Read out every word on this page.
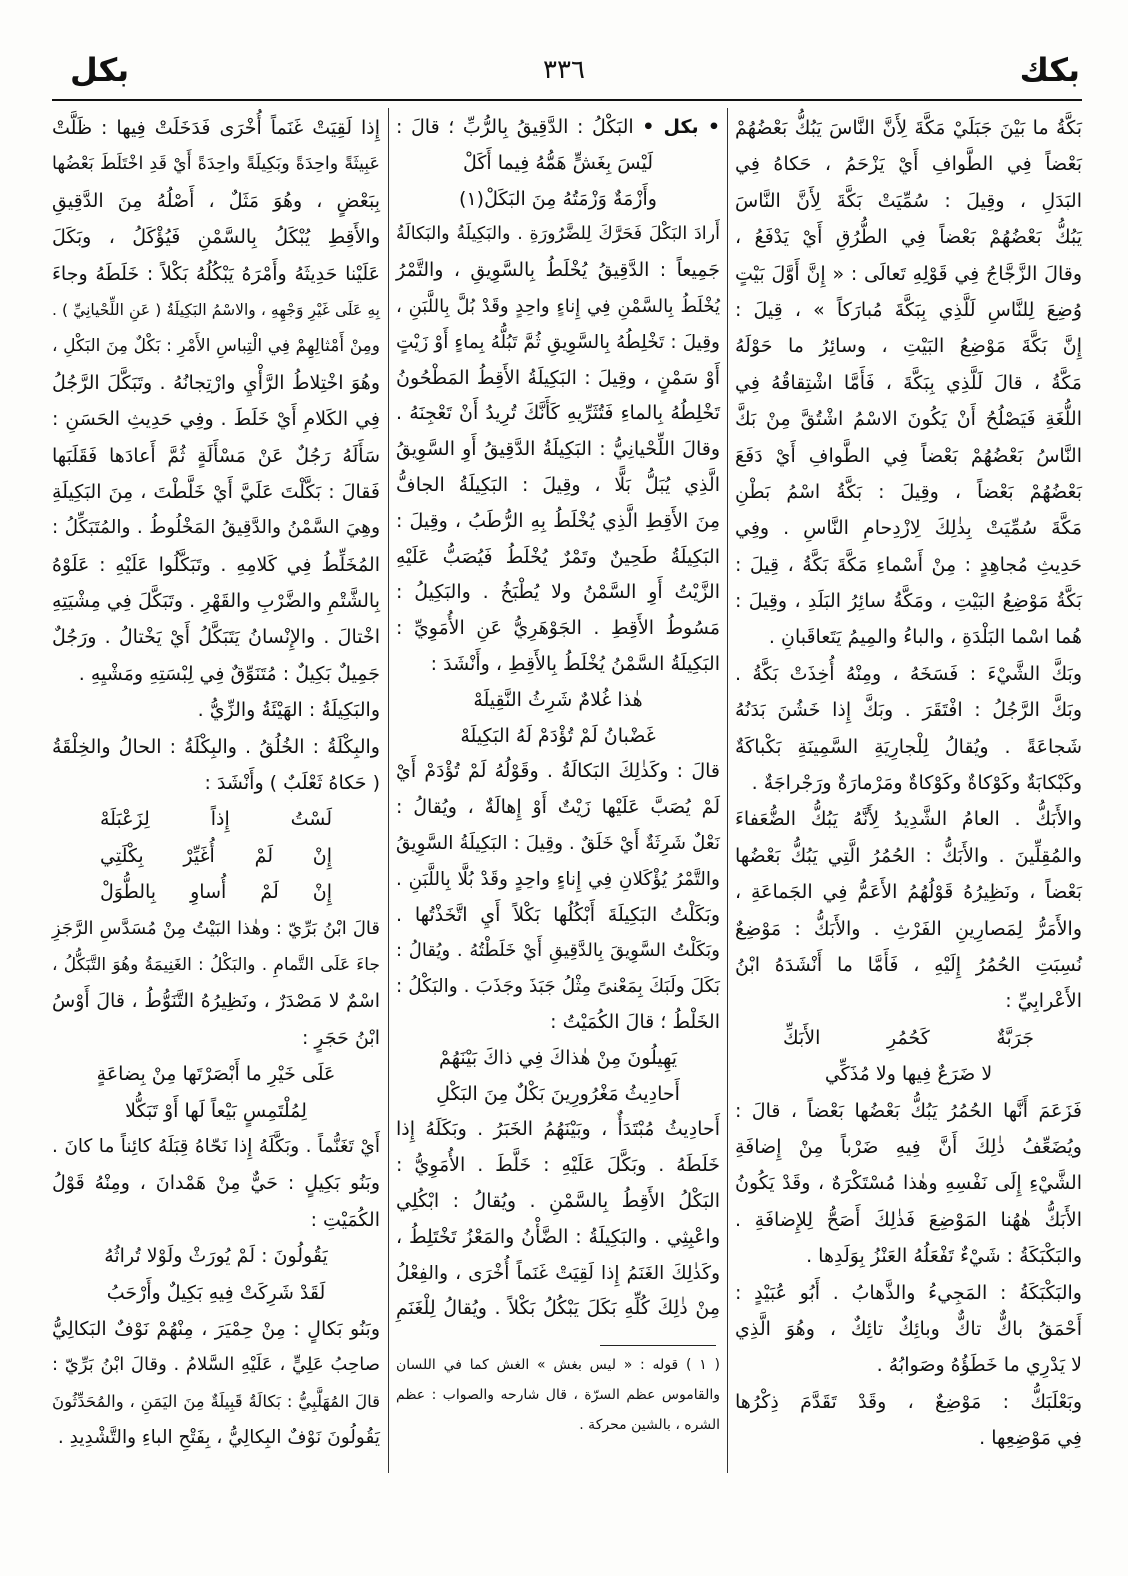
بكك
٣٣٦
بكل
بَكَّةُ ما بَيْنَ جَبَلَيْ مَكَّةَ لِأَنَّ النَّاسَ يَبُكُّ بَعْضُهُمْ
بَعْضاً فِي الطَّوافِ أَيْ يَزْحَمُ ، حَكاهُ فِي
البَدَلِ ، وقِيلَ : سُمِّيَتْ بَكَّةَ لِأَنَّ النَّاسَ
يَبُكُّ بَعْضُهُمْ بَعْضاً فِي الطُّرُقِ أَيْ يَدْفَعُ ،
وقالَ الزَّجَّاجُ فِي قَوْلِهِ تَعالَى : « إِنَّ أَوَّلَ بَيْتٍ
وُضِعَ لِلنَّاسِ لَلَّذِي بِبَكَّةَ مُبارَكاً » ، قِيلَ :
إِنَّ بَكَّةَ مَوْضِعُ البَيْتِ ، وسائِرُ ما حَوْلَهُ
مَكَّةُ ، قالَ لَلَّذِي بِبَكَّةَ ، فَأَمَّا اشْتِقاقُهُ فِي
اللُّغَةِ فَيَصْلُحُ أَنْ يَكُونَ الاسْمُ اشْتُقَّ مِنْ بَكَّ
النَّاسُ بَعْضُهُمْ بَعْضاً فِي الطَّوافِ أَيْ دَفَعَ
بَعْضُهُمْ بَعْضاً ، وقِيلَ : بَكَّةُ اسْمُ بَطْنِ
مَكَّةَ سُمِّيَتْ بِذٰلِكَ لِازْدِحامِ النَّاسِ . وفِي
حَدِيثِ مُجاهِدٍ : مِنْ أَسْماءِ مَكَّةَ بَكَّةُ ، قِيلَ :
بَكَّةُ مَوْضِعُ البَيْتِ ، ومَكَّةُ سائِرُ البَلَدِ ، وقِيلَ :
هُما اسْما البَلْدَةِ ، والباءُ والمِيمُ يَتَعاقَبانِ .
وبَكَّ الشَّيْءَ : فَسَخَهُ ، ومِنْهُ أُخِذَتْ بَكَّةُ .
وبَكَّ الرَّجُلُ : افْتَقَرَ . وبَكَّ إِذا خَشُنَ بَدَنُهُ
شَجاعَةً . ويُقالُ لِلْجارِيَةِ السَّمِينَةِ بَكْباكَةٌ
وكَبْكابَةٌ وكَوْكاةٌ وكَوْكاةٌ ومَرْمارَةٌ ورَجْراجَةٌ .
والأَبَكُّ . العامُ الشَّدِيدُ لِأَنَّهُ يَبُكُّ الضُّعَفاءَ
والمُقِلِّينَ . والأَبَكُّ : الحُمُرُ الَّتِي يَبُكُّ بَعْضُها
بَعْضاً ، ونَظِيرُهُ قَوْلُهُمُ الأَعَمُّ فِي الجَماعَةِ ،
والأَمَرُّ لِمَصارِينِ الفَرْثِ . والأَبَكُّ : مَوْضِعٌ
نُسِبَتِ الحُمُرُ إِلَيْهِ ، فَأَمَّا ما أَنْشَدَهُ ابْنُ
الأَعْرابِيِّ :
جَرَبَّةٌ كَحُمُرِ الأَبَكِّ
لا ضَرَعٌ فِيها ولا مُذَكِّي
فَزَعَمَ أَنَّها الحُمُرُ يَبُكُّ بَعْضُها بَعْضاً ، قالَ :
ويُضَعِّفُ ذٰلِكَ أَنَّ فِيهِ ضَرْباً مِنْ إِضافَةِ
الشَّيْءِ إِلَى نَفْسِهِ وهٰذا مُسْتَكْرَهٌ ، وقَدْ يَكُونُ
الأَبَكُّ هٰهُنا المَوْضِعَ فَذٰلِكَ أَصَحُّ لِلإِضافَةِ .
والبَكْبَكَةُ : شَيْءٌ تَفْعَلُهُ العَنْزُ بِوَلَدِها .
والبَكْبَكَةُ : المَجِيءُ والذَّهابُ . أَبُو عُبَيْدٍ :
أَحْمَقُ باكٌّ تاكٌّ وبائِكٌ تائِكٌ ، وهُوَ الَّذِي
لا يَدْرِي ما خَطَؤُهُ وصَوابُهُ .
وبَعْلَبَكُّ : مَوْضِعٌ ، وقَدْ تَقَدَّمَ ذِكْرُها
فِي مَوْضِعِها .
• بكل • البَكْلُ : الدَّقِيقُ بِالرُّبِّ ؛ قالَ :
لَيْسَ بِغَشٍّ هَمُّهُ فِيما أَكَلْ
وأَزْمَةٌ وَزْمَتُهُ مِنَ البَكَلْ(١)
أَرادَ البَكْلَ فَحَرَّكَ لِلضَّرُورَةِ . والبَكِيلَةُ والبَكالَةُ
جَمِيعاً : الدَّقِيقُ يُخْلَطُ بِالسَّوِيقِ ، والتَّمْرُ
يُخْلَطُ بِالسَّمْنِ فِي إِناءٍ واحِدٍ وقَدْ بُلَّ بِاللَّبَنِ ،
وقِيلَ : تَخْلِطُهُ بِالسَّوِيقِ ثُمَّ تَبُلُّهُ بِماءٍ أَوْ زَيْتٍ
أَوْ سَمْنٍ ، وقِيلَ : البَكِيلَةُ الأَقِطُ المَطْحُونُ
تَخْلِطُهُ بِالماءِ فَتُثَرِّيهِ كَأَنَّكَ تُرِيدُ أَنْ تَعْجِنَهُ .
وقالَ اللِّحْيانِيُّ : البَكِيلَةُ الدَّقِيقُ أَوِ السَّوِيقُ
الَّذِي يُبَلُّ بَلًّا ، وقِيلَ : البَكِيلَةُ الجافُّ
مِنَ الأَقِطِ الَّذِي يُخْلَطُ بِهِ الرُّطَبُ ، وقِيلَ :
البَكِيلَةُ طَحِينٌ وتَمْرٌ يُخْلَطُ فَيُصَبُّ عَلَيْهِ
الزَّيْتُ أَوِ السَّمْنُ ولا يُطْبَخُ . والبَكِيلُ :
مَسُوطُ الأَقِطِ . الجَوْهَرِيُّ عَنِ الأُمَوِيِّ :
البَكِيلَةُ السَّمْنُ يُخْلَطُ بِالأَقِطِ ، وأَنْشَدَ :
هٰذا غُلامٌ شَرِثُ النَّقِيلَهْ
غَضْبانُ لَمْ تُؤْدَمْ لَهُ البَكِيلَهْ
قالَ : وكَذٰلِكَ البَكالَةُ . وقَوْلُهُ لَمْ تُؤْدَمْ أَيْ
لَمْ يُصَبَّ عَلَيْها زَيْتٌ أَوْ إِهالَةٌ ، ويُقالُ :
نَعْلٌ شَرِثَةٌ أَيْ خَلَقٌ . وقِيلَ : البَكِيلَةُ السَّوِيقُ
والتَّمْرُ يُؤْكَلانِ فِي إِناءٍ واحِدٍ وقَدْ بُلَّا بِاللَّبَنِ .
وبَكَلْتُ البَكِيلَةَ أَبْكُلُها بَكْلاً أَيِ اتَّخَذْتُها .
وبَكَلْتُ السَّوِيقَ بِالدَّقِيقِ أَيْ خَلَطْتُهُ . ويُقالُ :
بَكَلَ ولَبَكَ بِمَعْنىً مِثْلُ جَبَذَ وجَذَبَ . والبَكْلُ :
الخَلْطُ ؛ قالَ الكُمَيْتُ :
يَهِيلُونَ مِنْ هٰذاكَ فِي ذاكَ بَيْنَهُمْ
أَحادِيثُ مَغْرُورِينَ بَكْلٌ مِنَ البَكْلِ
أَحادِيثُ مُبْتَدَأٌ ، وبَيْنَهُمُ الخَبَرُ . وبَكَلَهُ إِذا
خَلَطَهُ . وبَكَّلَ عَلَيْهِ : خَلَّطَ . الأُمَوِيُّ :
البَكْلُ الأَقِطُ بِالسَّمْنِ . ويُقالُ : ابْكُلِي
واعْبِثِي . والبَكِيلَةُ : الضَّأْنُ والمَعْزُ تَخْتَلِطُ ،
وكَذٰلِكَ الغَنَمُ إِذا لَقِيَتْ غَنَماً أُخْرَى ، والفِعْلُ
مِنْ ذٰلِكَ كُلِّهِ بَكَلَ يَبْكُلُ بَكْلاً . ويُقالُ لِلْغَنَمِ
إِذا لَقِيَتْ غَنَماً أُخْرَى فَدَخَلَتْ فِيها : ظَلَّتْ
عَبِيثَةً واحِدَةً وبَكِيلَةً واحِدَةً أَيْ قَدِ اخْتَلَطَ بَعْضُها
بِبَعْضٍ ، وهُوَ مَثَلٌ ، أَصْلُهُ مِنَ الدَّقِيقِ
والأَقِطِ يُبْكَلُ بِالسَّمْنِ فَيُؤْكَلُ ، وبَكَلَ
عَلَيْنا حَدِيثَهُ وأَمْرَهُ يَبْكُلُهُ بَكْلاً : خَلَطَهُ وجاءَ
بِهِ عَلَى غَيْرِ وَجْهِهِ ، والاسْمُ البَكِيلَةُ ( عَنِ اللِّحْيانِيِّ ) .
ومِنْ أَمْثالِهِمْ فِي الْتِباسِ الأَمْرِ : بَكْلٌ مِنَ البَكْلِ ،
وهُوَ اخْتِلاطُ الرَّأْيِ وارْتِجانُهُ . وتَبَكَّلَ الرَّجُلُ
فِي الكَلامِ أَيْ خَلَطَ . وفِي حَدِيثِ الحَسَنِ :
سَأَلَهُ رَجُلٌ عَنْ مَسْأَلَةٍ ثُمَّ أَعادَها فَقَلَبَها
فَقالَ : بَكَّلْتَ عَلَيَّ أَيْ خَلَّطْتَ ، مِنَ البَكِيلَةِ
وهِيَ السَّمْنُ والدَّقِيقُ المَخْلُوطُ . والمُتَبَكِّلُ :
المُخَلِّطُ فِي كَلامِهِ . وتَبَكَّلُوا عَلَيْهِ : عَلَوْهُ
بِالشَّتْمِ والضَّرْبِ والقَهْرِ . وتَبَكَّلَ فِي مِشْيَتِهِ
اخْتالَ . والإِنْسانُ يَتَبَكَّلُ أَيْ يَخْتالُ . ورَجُلٌ
جَمِيلٌ بَكِيلٌ : مُتَنَوِّقٌ فِي لِبْسَتِهِ ومَشْيِهِ .
والبَكِيلَةُ : الهَيْئَةُ والزِّيُّ .
والبِكْلَةُ : الخُلُقُ . والبِكْلَةُ : الحالُ والخِلْقَةُ
( حَكاهُ ثَعْلَبٌ ) وأَنْشَدَ :
لَسْتُ إِذاً لِزَعْبَلَهْ
إِنْ لَمْ أُغَيِّرْ بِكْلَتِي
إِنْ لَمْ أُساوِ بِالطُّوَلْ
قالَ ابْنُ بَرِّيّ : وهٰذا البَيْتُ مِنْ مُسَدَّسِ الرَّجَزِ
جاءَ عَلَى التَّمامِ . والبَكْلُ : الغَنِيمَةُ وهُوَ التَّبَكُّلُ ،
اسْمٌ لا مَصْدَرٌ ، ونَظِيرُهُ التَّنَوُّطُ ، قالَ أَوْسُ
ابْنُ حَجَرٍ :
عَلَى خَيْرِ ما أَبْصَرْتَها مِنْ بِضاعَةٍ
لِمُلْتَمِسٍ بَيْعاً لَها أَوْ تَبَكُّلا
أَيْ تَغَنُّماً . وبَكَّلَهُ إِذا نَحّاهُ قِبَلَهُ كائِناً ما كانَ .
وبَنُو بَكِيلٍ : حَيٌّ مِنْ هَمْدانَ ، ومِنْهُ قَوْلُ
الكُمَيْتِ :
يَقُولُونَ : لَمْ يُورَثْ ولَوْلا تُراثُهُ
لَقَدْ شَرِكَتْ فِيهِ بَكِيلٌ وأَرْحَبُ
وبَنُو بَكالٍ : مِنْ حِمْيَرَ ، مِنْهُمْ نَوْفٌ البَكالِيُّ
صاحِبُ عَلِيٍّ ، عَلَيْهِ السَّلامُ . وقالَ ابْنُ بَرِّيّ :
قالَ المُهَلَّبِيُّ : بَكالَةُ قَبِيلَةٌ مِنَ اليَمَنِ ، والمُحَدِّثُونَ
يَقُولُونَ نَوْفٌ البِكالِيُّ ، بِفَتْحِ الباءِ والتَّشْدِيدِ .
( ١ ) قوله : « ليس بغش » الغش كما في اللسان
والقاموس عظم السرّة ، قال شارحه والصواب : عظم
الشره ، بالشين محركة .
